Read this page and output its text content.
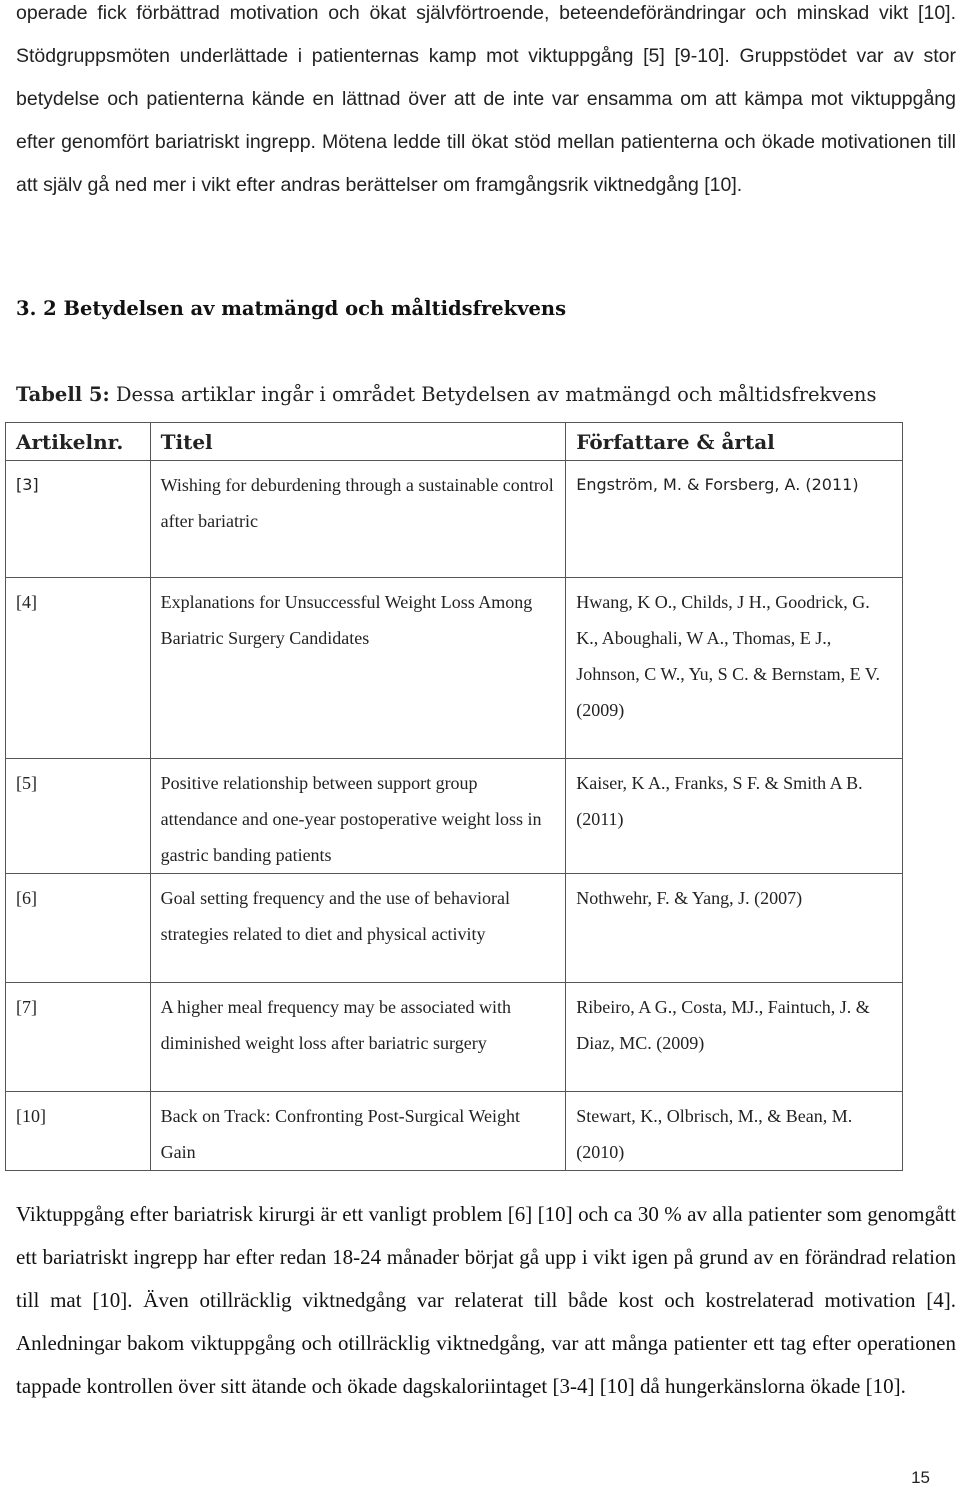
operade fick förbättrad motivation och ökat självförtroende, beteendeförändringar och minskad vikt [10]. Stödgruppsmöten underlättade i patienternas kamp mot viktuppgång [5] [9-10]. Gruppstödet var av stor betydelse och patienterna kände en lättnad över att de inte var ensamma om att kämpa mot viktuppgång efter genomfört bariatriskt ingrepp. Mötena ledde till ökat stöd mellan patienterna och ökade motivationen till att själv gå ned mer i vikt efter andras berättelser om framgångsrik viktnedgång [10].

3. 2 Betydelsen av matmängd och måltidsfrekvens

Tabell 5: Dessa artiklar ingår i området Betydelsen av matmängd och måltidsfrekvens

Artikelnr.	Titel	Författare & årtal
[3]	Wishing for deburdening through a sustainable control after bariatric	Engström, M. & Forsberg, A. (2011)
[4]	Explanations for Unsuccessful Weight Loss Among Bariatric Surgery Candidates	Hwang, K O., Childs, J H., Goodrick, G. K., Aboughali, W A., Thomas, E J., Johnson, C W., Yu, S C. & Bernstam, E V. (2009)
[5]	Positive relationship between support group attendance and one-year postoperative weight loss in gastric banding patients	Kaiser, K A., Franks, S F. & Smith A B. (2011)
[6]	Goal setting frequency and the use of behavioral strategies related to diet and physical activity	Nothwehr, F. & Yang, J. (2007)
[7]	A higher meal frequency may be associated with diminished weight loss after bariatric surgery	Ribeiro, A G., Costa, MJ., Faintuch, J. & Diaz, MC. (2009)
[10]	Back on Track: Confronting Post-Surgical Weight Gain	Stewart, K., Olbrisch, M., & Bean, M. (2010)

Viktuppgång efter bariatrisk kirurgi är ett vanligt problem [6] [10] och ca 30 % av alla patienter som genomgått ett bariatriskt ingrepp har efter redan 18-24 månader börjat gå upp i vikt igen på grund av en förändrad relation till mat [10]. Även otillräcklig viktnedgång var relaterat till både kost och kostrelaterad motivation [4]. Anledningar bakom viktuppgång och otillräcklig viktnedgång, var att många patienter ett tag efter operationen tappade kontrollen över sitt ätande och ökade dagskaloriintaget [3-4] [10] då hungerkänslorna ökade [10].

15
